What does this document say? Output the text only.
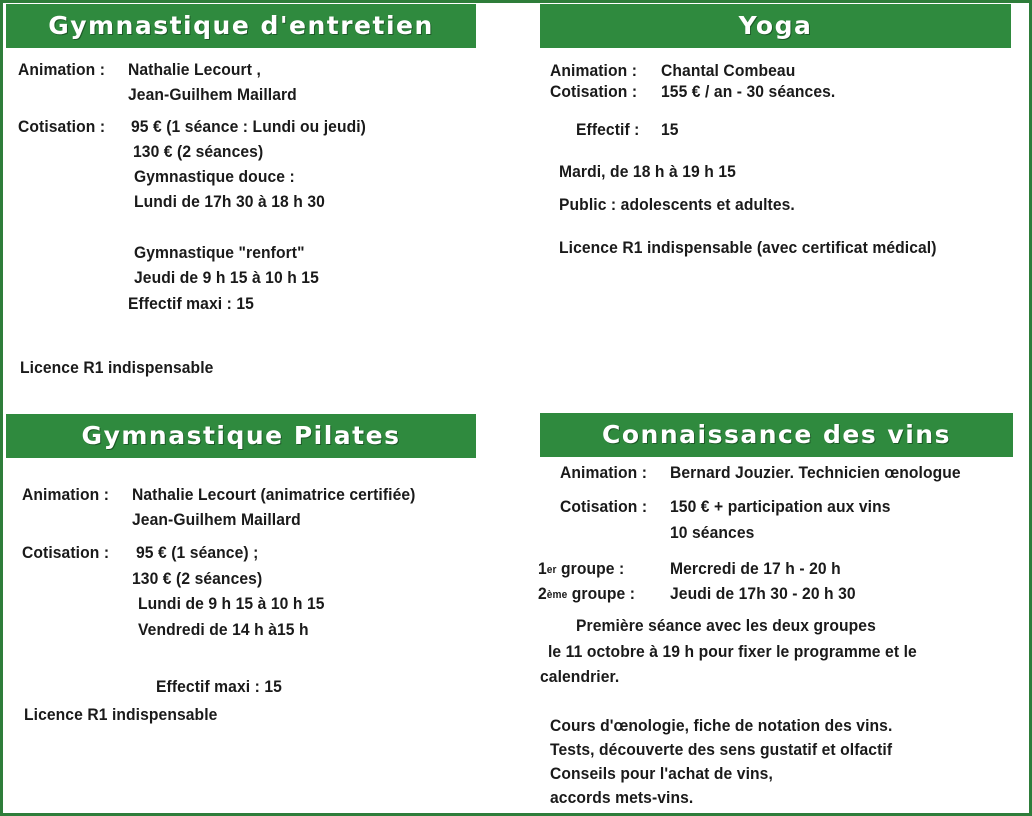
Gymnastique d'entretien
Animation : Nathalie Lecourt ,
Jean-Guilhem Maillard
Cotisation : 95 € (1 séance : Lundi ou jeudi)
130 € (2 séances)
Gymnastique douce :
Lundi de 17h 30 à 18 h 30
Gymnastique "renfort"
Jeudi de 9 h 15 à 10 h 15
Effectif maxi : 15
Licence R1 indispensable
Yoga
Animation : Chantal Combeau
Cotisation : 155 € / an - 30 séances.
Effectif : 15
Mardi, de 18 h à 19 h 15
Public : adolescents et adultes.
Licence R1 indispensable (avec certificat médical)
Gymnastique Pilates
Animation : Nathalie Lecourt (animatrice certifiée)
Jean-Guilhem Maillard
Cotisation : 95 € (1 séance) ;
130 € (2 séances)
Lundi de 9 h 15 à 10 h 15
Vendredi de 14 h à15 h
Effectif maxi : 15
Licence R1 indispensable
Connaissance des vins
Animation : Bernard Jouzier. Technicien œnologue
Cotisation : 150 € + participation aux vins
10 séances
1er groupe :	Mercredi de 17 h - 20 h
2ème groupe : Jeudi de 17h 30 - 20 h 30
Première séance avec les deux groupes
le 11 octobre à 19 h pour fixer le programme et le
calendrier.
Cours d'œnologie, fiche de notation des vins.
Tests, découverte des sens gustatif et olfactif
Conseils pour l'achat de vins,
accords mets-vins.
